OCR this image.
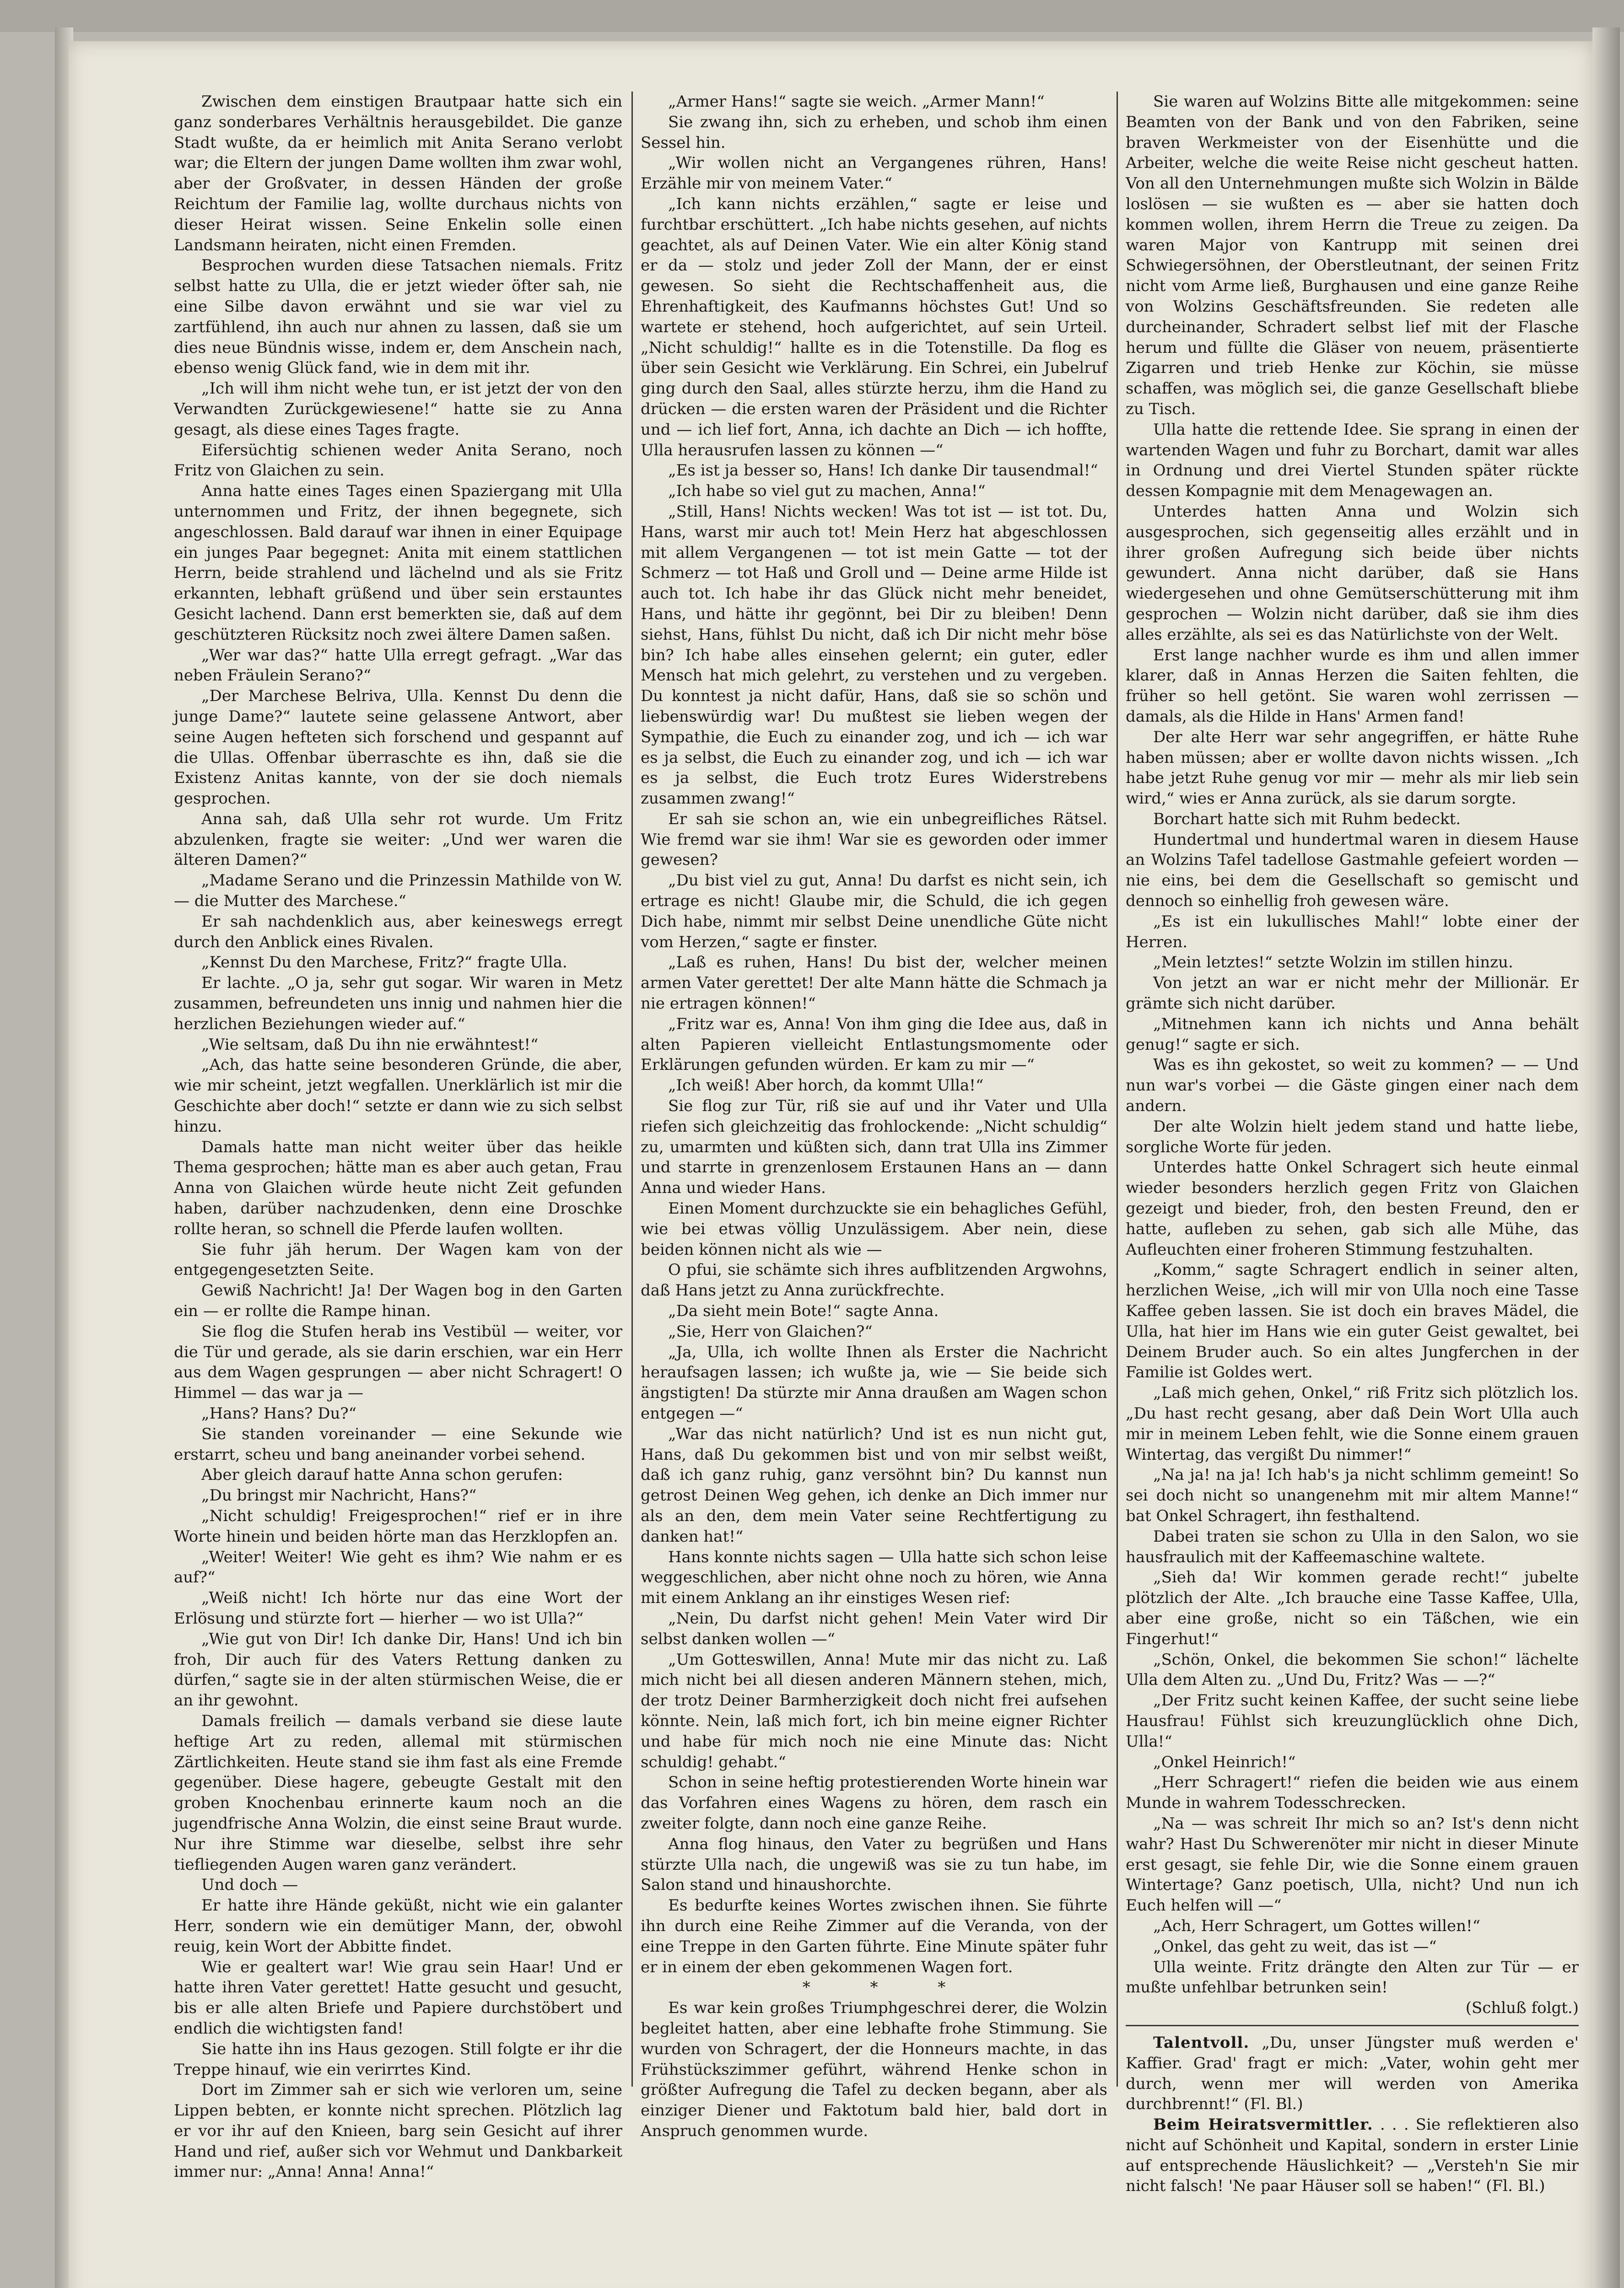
Zwischen dem einstigen Brautpaar hatte sich ein ganz sonderbares Verhältnis herausgebildet. Die ganze Stadt wußte, da er heimlich mit Anita Serano verlobt war; die Eltern der jungen Dame wollten ihm zwar wohl, aber der Großvater, in dessen Händen der große Reichtum der Familie lag, wollte durchaus nichts von dieser Heirat wissen. Seine Enkelin solle einen Landsmann heiraten, nicht einen Fremden.

Besprochen wurden diese Tatsachen niemals. Fritz selbst hatte zu Ulla, die er jetzt wieder öfter sah, nie eine Silbe davon erwähnt und sie war viel zu zartfühlend, ihn auch nur ahnen zu lassen, daß sie um dies neue Bündnis wisse, indem er, dem Anschein nach, ebenso wenig Glück fand, wie in dem mit ihr.

„Ich will ihm nicht wehe tun, er ist jetzt der von den Verwandten Zurückgewiesene!“ hatte sie zu Anna gesagt, als diese eines Tages fragte.

Eifersüchtig schienen weder Anita Serano, noch Fritz von Glaichen zu sein.

Anna hatte eines Tages einen Spaziergang mit Ulla unternommen und Fritz, der ihnen begegnete, sich angeschlossen. Bald darauf war ihnen in einer Equipage ein junges Paar begegnet: Anita mit einem stattlichen Herrn, beide strahlend und lächelnd und als sie Fritz erkannten, lebhaft grüßend und über sein erstauntes Gesicht lachend. Dann erst bemerkten sie, daß auf dem geschützteren Rücksitz noch zwei ältere Damen saßen.

„Wer war das?“ hatte Ulla erregt gefragt. „War das neben Fräulein Serano?“

„Der Marchese Belriva, Ulla. Kennst Du denn die junge Dame?“ lautete seine gelassene Antwort, aber seine Augen hefteten sich forschend und gespannt auf die Ullas. Offenbar überraschte es ihn, daß sie die Existenz Anitas kannte, von der sie doch niemals gesprochen.

Anna sah, daß Ulla sehr rot wurde. Um Fritz abzulenken, fragte sie weiter: „Und wer waren die älteren Damen?“

„Madame Serano und die Prinzessin Mathilde von W. — die Mutter des Marchese.“

Er sah nachdenklich aus, aber keineswegs erregt durch den Anblick eines Rivalen.

„Kennst Du den Marchese, Fritz?“ fragte Ulla.

Er lachte. „O ja, sehr gut sogar. Wir waren in Metz zusammen, befreundeten uns innig und nahmen hier die herzlichen Beziehungen wieder auf.“

„Wie seltsam, daß Du ihn nie erwähntest!“

„Ach, das hatte seine besonderen Gründe, die aber, wie mir scheint, jetzt wegfallen. Unerklärlich ist mir die Geschichte aber doch!“ setzte er dann wie zu sich selbst hinzu.

Damals hatte man nicht weiter über das heikle Thema gesprochen; hätte man es aber auch getan, Frau Anna von Glaichen würde heute nicht Zeit gefunden haben, darüber nachzudenken, denn eine Droschke rollte heran, so schnell die Pferde laufen wollten.

Sie fuhr jäh herum. Der Wagen kam von der entgegengesetzten Seite.

Gewiß Nachricht! Ja! Der Wagen bog in den Garten ein — er rollte die Rampe hinan.

Sie flog die Stufen herab ins Vestibül — weiter, vor die Tür und gerade, als sie darin erschien, war ein Herr aus dem Wagen gesprungen — aber nicht Schragert! O Himmel — das war ja —

„Hans? Hans? Du?“

Sie standen voreinander — eine Sekunde wie erstarrt, scheu und bang aneinander vorbei sehend.

Aber gleich darauf hatte Anna schon gerufen:

„Du bringst mir Nachricht, Hans?“

„Nicht schuldig! Freigesprochen!“ rief er in ihre Worte hinein und beiden hörte man das Herzklopfen an.

„Weiter! Weiter! Wie geht es ihm? Wie nahm er es auf?“

„Weiß nicht! Ich hörte nur das eine Wort der Erlösung und stürzte fort — hierher — wo ist Ulla?“

„Wie gut von Dir! Ich danke Dir, Hans! Und ich bin froh, Dir auch für des Vaters Rettung danken zu dürfen,“ sagte sie in der alten stürmischen Weise, die er an ihr gewohnt.

Damals freilich — damals verband sie diese laute heftige Art zu reden, allemal mit stürmischen Zärtlichkeiten. Heute stand sie ihm fast als eine Fremde gegenüber. Diese hagere, gebeugte Gestalt mit den groben Knochenbau erinnerte kaum noch an die jugendfrische Anna Wolzin, die einst seine Braut wurde. Nur ihre Stimme war dieselbe, selbst ihre sehr tiefliegenden Augen waren ganz verändert.

Und doch —

Er hatte ihre Hände geküßt, nicht wie ein galanter Herr, sondern wie ein demütiger Mann, der, obwohl reuig, kein Wort der Abbitte findet.

Wie er gealtert war! Wie grau sein Haar! Und er hatte ihren Vater gerettet! Hatte gesucht und gesucht, bis er alle alten Briefe und Papiere durchstöbert und endlich die wichtigsten fand!

Sie hatte ihn ins Haus gezogen. Still folgte er ihr die Treppe hinauf, wie ein verirrtes Kind.

Dort im Zimmer sah er sich wie verloren um, seine Lippen bebten, er konnte nicht sprechen. Plötzlich lag er vor ihr auf den Knieen, barg sein Gesicht auf ihrer Hand und rief, außer sich vor Wehmut und Dankbarkeit immer nur: „Anna! Anna! Anna!“

„Armer Hans!“ sagte sie weich. „Armer Mann!“

Sie zwang ihn, sich zu erheben, und schob ihm einen Sessel hin.

„Wir wollen nicht an Vergangenes rühren, Hans! Erzähle mir von meinem Vater.“

„Ich kann nichts erzählen,“ sagte er leise und furchtbar erschüttert. „Ich habe nichts gesehen, auf nichts geachtet, als auf Deinen Vater. Wie ein alter König stand er da — stolz und jeder Zoll der Mann, der er einst gewesen. So sieht die Rechtschaffenheit aus, die Ehrenhaftigkeit, des Kaufmanns höchstes Gut! Und so wartete er stehend, hoch aufgerichtet, auf sein Urteil. „Nicht schuldig!“ hallte es in die Totenstille. Da flog es über sein Gesicht wie Verklärung. Ein Schrei, ein Jubelruf ging durch den Saal, alles stürzte herzu, ihm die Hand zu drücken — die ersten waren der Präsident und die Richter und — ich lief fort, Anna, ich dachte an Dich — ich hoffte, Ulla herausrufen lassen zu können —“

„Es ist ja besser so, Hans! Ich danke Dir tausendmal!“

„Ich habe so viel gut zu machen, Anna!“

„Still, Hans! Nichts wecken! Was tot ist — ist tot. Du, Hans, warst mir auch tot! Mein Herz hat abgeschlossen mit allem Vergangenen — tot ist mein Gatte — tot der Schmerz — tot Haß und Groll und — Deine arme Hilde ist auch tot. Ich habe ihr das Glück nicht mehr beneidet, Hans, und hätte ihr gegönnt, bei Dir zu bleiben! Denn siehst, Hans, fühlst Du nicht, daß ich Dir nicht mehr böse bin? Ich habe alles einsehen gelernt; ein guter, edler Mensch hat mich gelehrt, zu verstehen und zu vergeben. Du konntest ja nicht dafür, Hans, daß sie so schön und liebenswürdig war! Du mußtest sie lieben wegen der Sympathie, die Euch zu einander zog, und ich — ich war es ja selbst, die Euch zu einander zog, und ich — ich war es ja selbst, die Euch trotz Eures Widerstrebens zusammen zwang!“

Er sah sie schon an, wie ein unbegreifliches Rätsel. Wie fremd war sie ihm! War sie es geworden oder immer gewesen?

„Du bist viel zu gut, Anna! Du darfst es nicht sein, ich ertrage es nicht! Glaube mir, die Schuld, die ich gegen Dich habe, nimmt mir selbst Deine unendliche Güte nicht vom Herzen,“ sagte er finster.

„Laß es ruhen, Hans! Du bist der, welcher meinen armen Vater gerettet! Der alte Mann hätte die Schmach ja nie ertragen können!“

„Fritz war es, Anna! Von ihm ging die Idee aus, daß in alten Papieren vielleicht Entlastungsmomente oder Erklärungen gefunden würden. Er kam zu mir —“

„Ich weiß! Aber horch, da kommt Ulla!“

Sie flog zur Tür, riß sie auf und ihr Vater und Ulla riefen sich gleichzeitig das frohlockende: „Nicht schuldig“ zu, umarmten und küßten sich, dann trat Ulla ins Zimmer und starrte in grenzenlosem Erstaunen Hans an — dann Anna und wieder Hans.

Einen Moment durchzuckte sie ein behagliches Gefühl, wie bei etwas völlig Unzulässigem. Aber nein, diese beiden können nicht als wie —

O pfui, sie schämte sich ihres aufblitzenden Argwohns, daß Hans jetzt zu Anna zurückfrechte.

„Da sieht mein Bote!“ sagte Anna.

„Sie, Herr von Glaichen?“

„Ja, Ulla, ich wollte Ihnen als Erster die Nachricht heraufsagen lassen; ich wußte ja, wie — Sie beide sich ängstigten! Da stürzte mir Anna draußen am Wagen schon entgegen —“

„War das nicht natürlich? Und ist es nun nicht gut, Hans, daß Du gekommen bist und von mir selbst weißt, daß ich ganz ruhig, ganz versöhnt bin? Du kannst nun getrost Deinen Weg gehen, ich denke an Dich immer nur als an den, dem mein Vater seine Rechtfertigung zu danken hat!“

Hans konnte nichts sagen — Ulla hatte sich schon leise weggeschlichen, aber nicht ohne noch zu hören, wie Anna mit einem Anklang an ihr einstiges Wesen rief:

„Nein, Du darfst nicht gehen! Mein Vater wird Dir selbst danken wollen —“

„Um Gotteswillen, Anna! Mute mir das nicht zu. Laß mich nicht bei all diesen anderen Männern stehen, mich, der trotz Deiner Barmherzigkeit doch nicht frei aufsehen könnte. Nein, laß mich fort, ich bin meine eigner Richter und habe für mich noch nie eine Minute das: Nicht schuldig! gehabt.“

Schon in seine heftig protestierenden Worte hinein war das Vorfahren eines Wagens zu hören, dem rasch ein zweiter folgte, dann noch eine ganze Reihe.

Anna flog hinaus, den Vater zu begrüßen und Hans stürzte Ulla nach, die ungewiß was sie zu tun habe, im Salon stand und hinaushorchte.

Es bedurfte keines Wortes zwischen ihnen. Sie führte ihn durch eine Reihe Zimmer auf die Veranda, von der eine Treppe in den Garten führte. Eine Minute später fuhr er in einem der eben gekommenen Wagen fort.

* * *

Es war kein großes Triumphgeschrei derer, die Wolzin begleitet hatten, aber eine lebhafte frohe Stimmung. Sie wurden von Schragert, der die Honneurs machte, in das Frühstückszimmer geführt, während Henke schon in größter Aufregung die Tafel zu decken begann, aber als einziger Diener und Faktotum bald hier, bald dort in Anspruch genommen wurde.

Sie waren auf Wolzins Bitte alle mitgekommen: seine Beamten von der Bank und von den Fabriken, seine braven Werkmeister von der Eisenhütte und die Arbeiter, welche die weite Reise nicht gescheut hatten. Von all den Unternehmungen mußte sich Wolzin in Bälde loslösen — sie wußten es — aber sie hatten doch kommen wollen, ihrem Herrn die Treue zu zeigen. Da waren Major von Kantrupp mit seinen drei Schwiegersöhnen, der Oberstleutnant, der seinen Fritz nicht vom Arme ließ, Burghausen und eine ganze Reihe von Wolzins Geschäftsfreunden. Sie redeten alle durcheinander, Schradert selbst lief mit der Flasche herum und füllte die Gläser von neuem, präsentierte Zigarren und trieb Henke zur Köchin, sie müsse schaffen, was möglich sei, die ganze Gesellschaft bliebe zu Tisch.

Ulla hatte die rettende Idee. Sie sprang in einen der wartenden Wagen und fuhr zu Borchart, damit war alles in Ordnung und drei Viertel Stunden später rückte dessen Kompagnie mit dem Menagewagen an.

Unterdes hatten Anna und Wolzin sich ausgesprochen, sich gegenseitig alles erzählt und in ihrer großen Aufregung sich beide über nichts gewundert. Anna nicht darüber, daß sie Hans wiedergesehen und ohne Gemütserschütterung mit ihm gesprochen — Wolzin nicht darüber, daß sie ihm dies alles erzählte, als sei es das Natürlichste von der Welt.

Erst lange nachher wurde es ihm und allen immer klarer, daß in Annas Herzen die Saiten fehlten, die früher so hell getönt. Sie waren wohl zerrissen — damals, als die Hilde in Hans' Armen fand!

Der alte Herr war sehr angegriffen, er hätte Ruhe haben müssen; aber er wollte davon nichts wissen. „Ich habe jetzt Ruhe genug vor mir — mehr als mir lieb sein wird,“ wies er Anna zurück, als sie darum sorgte.

Borchart hatte sich mit Ruhm bedeckt.

Hundertmal und hundertmal waren in diesem Hause an Wolzins Tafel tadellose Gastmahle gefeiert worden — nie eins, bei dem die Gesellschaft so gemischt und dennoch so einhellig froh gewesen wäre.

„Es ist ein lukullisches Mahl!“ lobte einer der Herren.

„Mein letztes!“ setzte Wolzin im stillen hinzu.

Von jetzt an war er nicht mehr der Millionär. Er grämte sich nicht darüber.

„Mitnehmen kann ich nichts und Anna behält genug!“ sagte er sich.

Was es ihn gekostet, so weit zu kommen? — — Und nun war's vorbei — die Gäste gingen einer nach dem andern.

Der alte Wolzin hielt jedem stand und hatte liebe, sorgliche Worte für jeden.

Unterdes hatte Onkel Schragert sich heute einmal wieder besonders herzlich gegen Fritz von Glaichen gezeigt und bieder, froh, den besten Freund, den er hatte, aufleben zu sehen, gab sich alle Mühe, das Aufleuchten einer froheren Stimmung festzuhalten.

„Komm,“ sagte Schragert endlich in seiner alten, herzlichen Weise, „ich will mir von Ulla noch eine Tasse Kaffee geben lassen. Sie ist doch ein braves Mädel, die Ulla, hat hier im Hans wie ein guter Geist gewaltet, bei Deinem Bruder auch. So ein altes Jungferchen in der Familie ist Goldes wert.

„Laß mich gehen, Onkel,“ riß Fritz sich plötzlich los. „Du hast recht gesang, aber daß Dein Wort Ulla auch mir in meinem Leben fehlt, wie die Sonne einem grauen Wintertag, das vergißt Du nimmer!“

„Na ja! na ja! Ich hab's ja nicht schlimm gemeint! So sei doch nicht so unangenehm mit mir altem Manne!“ bat Onkel Schragert, ihn festhaltend.

Dabei traten sie schon zu Ulla in den Salon, wo sie hausfraulich mit der Kaffeemaschine waltete.

„Sieh da! Wir kommen gerade recht!“ jubelte plötzlich der Alte. „Ich brauche eine Tasse Kaffee, Ulla, aber eine große, nicht so ein Täßchen, wie ein Fingerhut!“

„Schön, Onkel, die bekommen Sie schon!“ lächelte Ulla dem Alten zu. „Und Du, Fritz? Was — —?“

„Der Fritz sucht keinen Kaffee, der sucht seine liebe Hausfrau! Fühlst sich kreuzunglücklich ohne Dich, Ulla!“

„Onkel Heinrich!“

„Herr Schragert!“ riefen die beiden wie aus einem Munde in wahrem Todesschrecken.

„Na — was schreit Ihr mich so an? Ist's denn nicht wahr? Hast Du Schwerenöter mir nicht in dieser Minute erst gesagt, sie fehle Dir, wie die Sonne einem grauen Wintertage? Ganz poetisch, Ulla, nicht? Und nun ich Euch helfen will —“

„Ach, Herr Schragert, um Gottes willen!“

„Onkel, das geht zu weit, das ist —“

Ulla weinte. Fritz drängte den Alten zur Tür — er mußte unfehlbar betrunken sein!

(Schluß folgt.)

Talentvoll. „Du, unser Jüngster muß werden e' Kaffier. Grad' fragt er mich: „Vater, wohin geht mer durch, wenn mer will werden von Amerika durchbrennt!“ (Fl. Bl.)

Beim Heiratsvermittler. . . . Sie reflektieren also nicht auf Schönheit und Kapital, sondern in erster Linie auf entsprechende Häuslichkeit? — „Versteh'n Sie mir nicht falsch! 'Ne paar Häuser soll se haben!“ (Fl. Bl.)
